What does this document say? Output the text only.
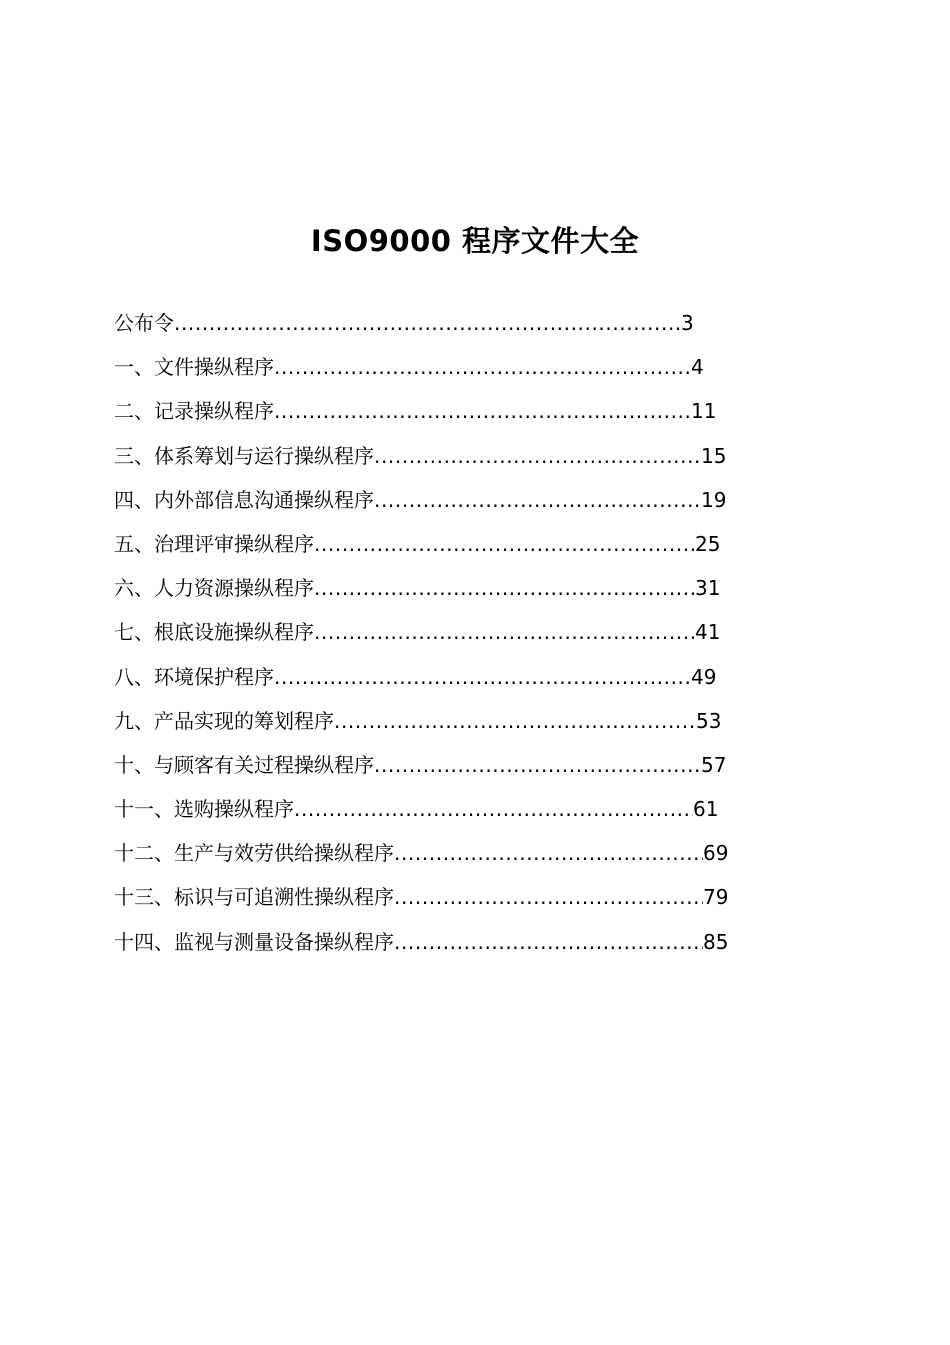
ISO9000 程序文件大全
公布令 .....	3
一、文件操纵程序 .....	4
二、记录操纵程序 .....	11
三、体系筹划与运行操纵程序 .....	15
四、内外部信息沟通操纵程序 .....	19
五、治理评审操纵程序 .....	25
六、人力资源操纵程序 .....	31
七、根底设施操纵程序 .....	41
八、环境保护程序 .....	49
九、产品实现的筹划程序 .....	53
十、与顾客有关过程操纵程序 .....	57
十一、选购操纵程序 .....	61
十二、生产与效劳供给操纵程序 .....	69
十三、标识与可追溯性操纵程序 .....	79
十四、监视与测量设备操纵程序 .....	85
